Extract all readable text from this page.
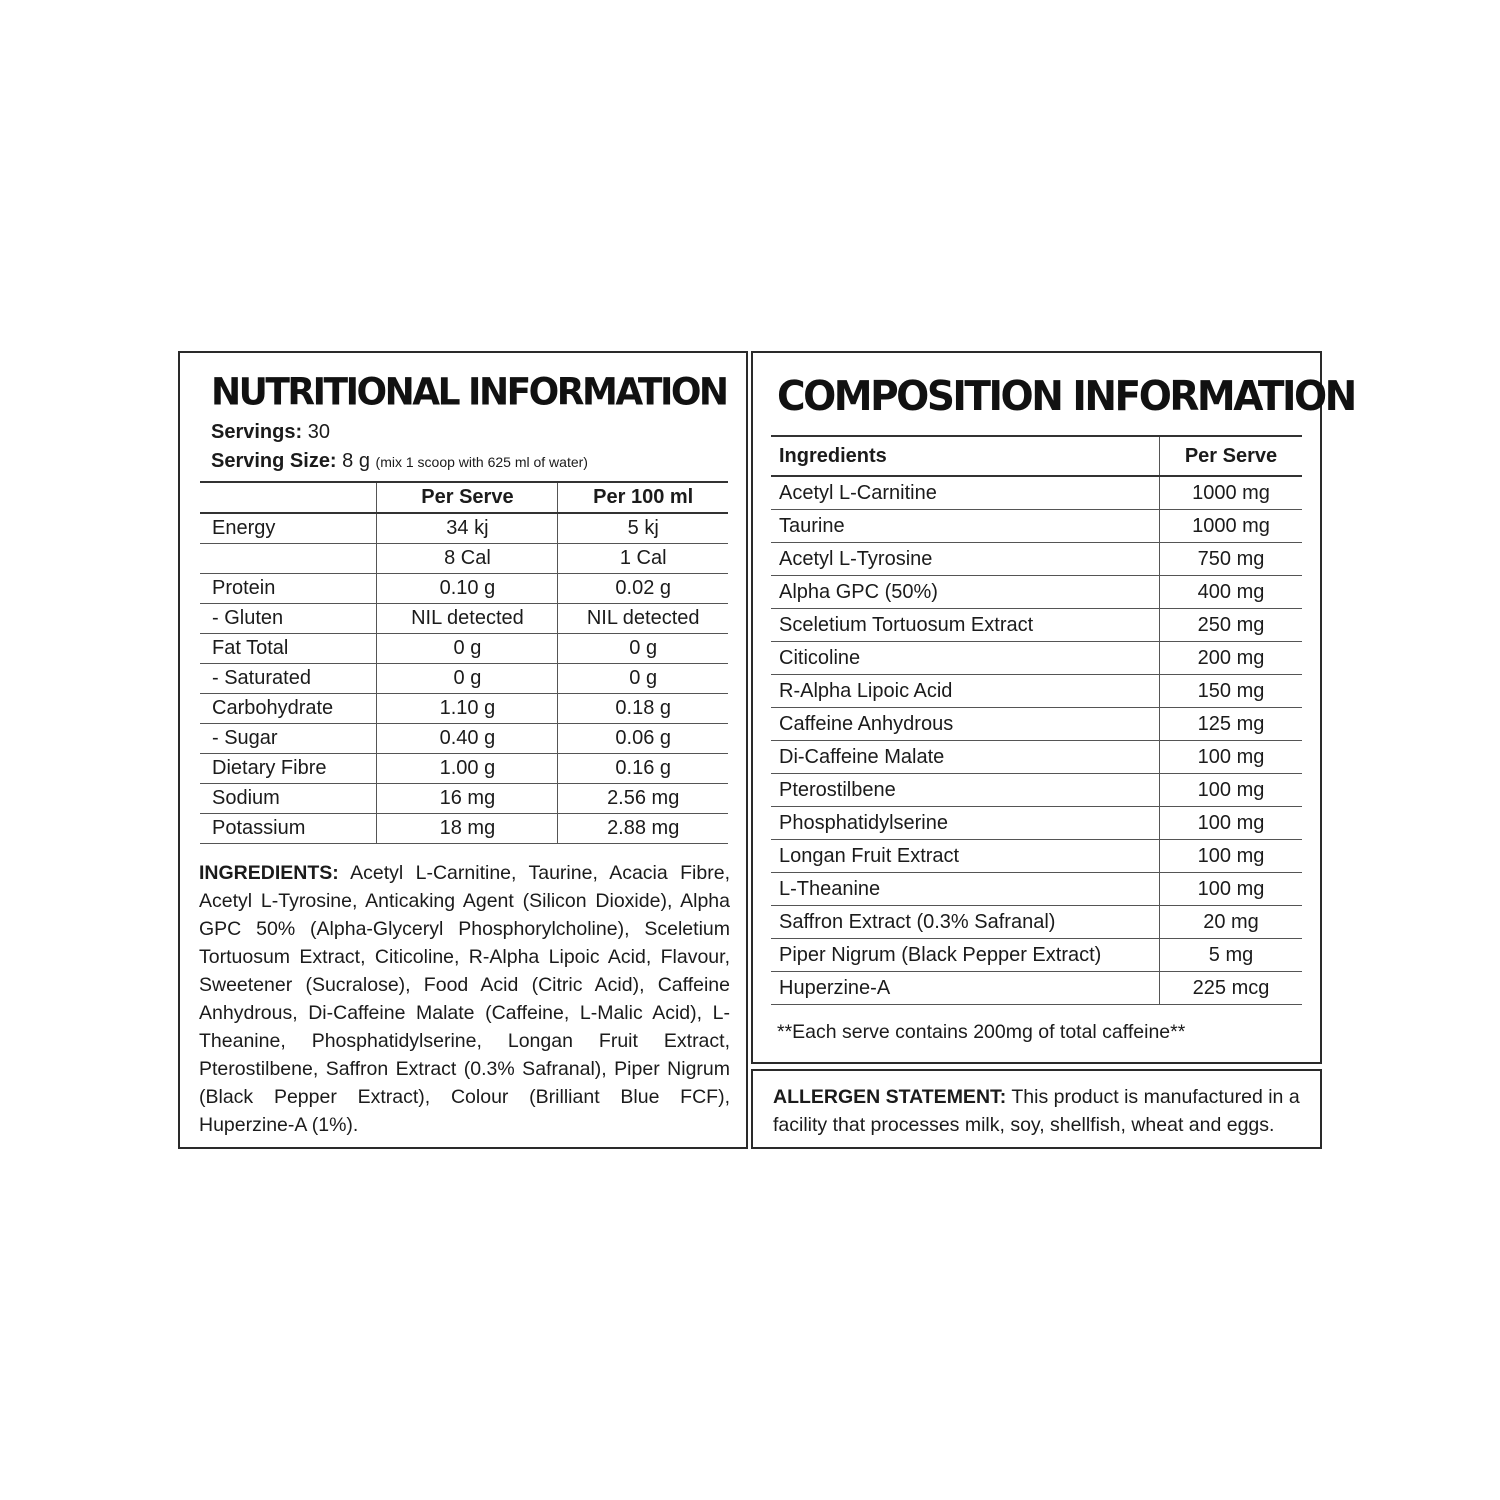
NUTRITIONAL INFORMATION
Servings: 30
Serving Size: 8 g (mix 1 scoop with 625 ml of water)
	Per Serve	Per 100 ml
Energy	34 kj	5 kj
	8 Cal	1 Cal
Protein	0.10 g	0.02 g
- Gluten	NIL detected	NIL detected
Fat Total	0 g	0 g
- Saturated	0 g	0 g
Carbohydrate	1.10 g	0.18 g
- Sugar	0.40 g	0.06 g
Dietary Fibre	1.00 g	0.16 g
Sodium	16 mg	2.56 mg
Potassium	18 mg	2.88 mg

INGREDIENTS: Acetyl L-Carnitine, Taurine, Acacia Fibre, Acetyl L-Tyrosine, Anticaking Agent (Silicon Dioxide), Alpha GPC 50% (Alpha-Glyceryl Phosphorylcholine), Sceletium Tortuosum Extract, Citicoline, R-Alpha Lipoic Acid, Flavour, Sweetener (Sucralose), Food Acid (Citric Acid), Caffeine Anhydrous, Di-Caffeine Malate (Caffeine, L-Malic Acid), L-Theanine, Phosphatidylserine, Longan Fruit Extract, Pterostilbene, Saffron Extract (0.3% Safranal), Piper Nigrum (Black Pepper Extract), Colour (Brilliant Blue FCF), Huperzine-A (1%).

COMPOSITION INFORMATION
Ingredients	Per Serve
Acetyl L-Carnitine	1000 mg
Taurine	1000 mg
Acetyl L-Tyrosine	750 mg
Alpha GPC (50%)	400 mg
Sceletium Tortuosum Extract	250 mg
Citicoline	200 mg
R-Alpha Lipoic Acid	150 mg
Caffeine Anhydrous	125 mg
Di-Caffeine Malate	100 mg
Pterostilbene	100 mg
Phosphatidylserine	100 mg
Longan Fruit Extract	100 mg
L-Theanine	100 mg
Saffron Extract (0.3% Safranal)	20 mg
Piper Nigrum (Black Pepper Extract)	5 mg
Huperzine-A	225 mcg
**Each serve contains 200mg of total caffeine**

ALLERGEN STATEMENT: This product is manufactured in a facility that processes milk, soy, shellfish, wheat and eggs.
